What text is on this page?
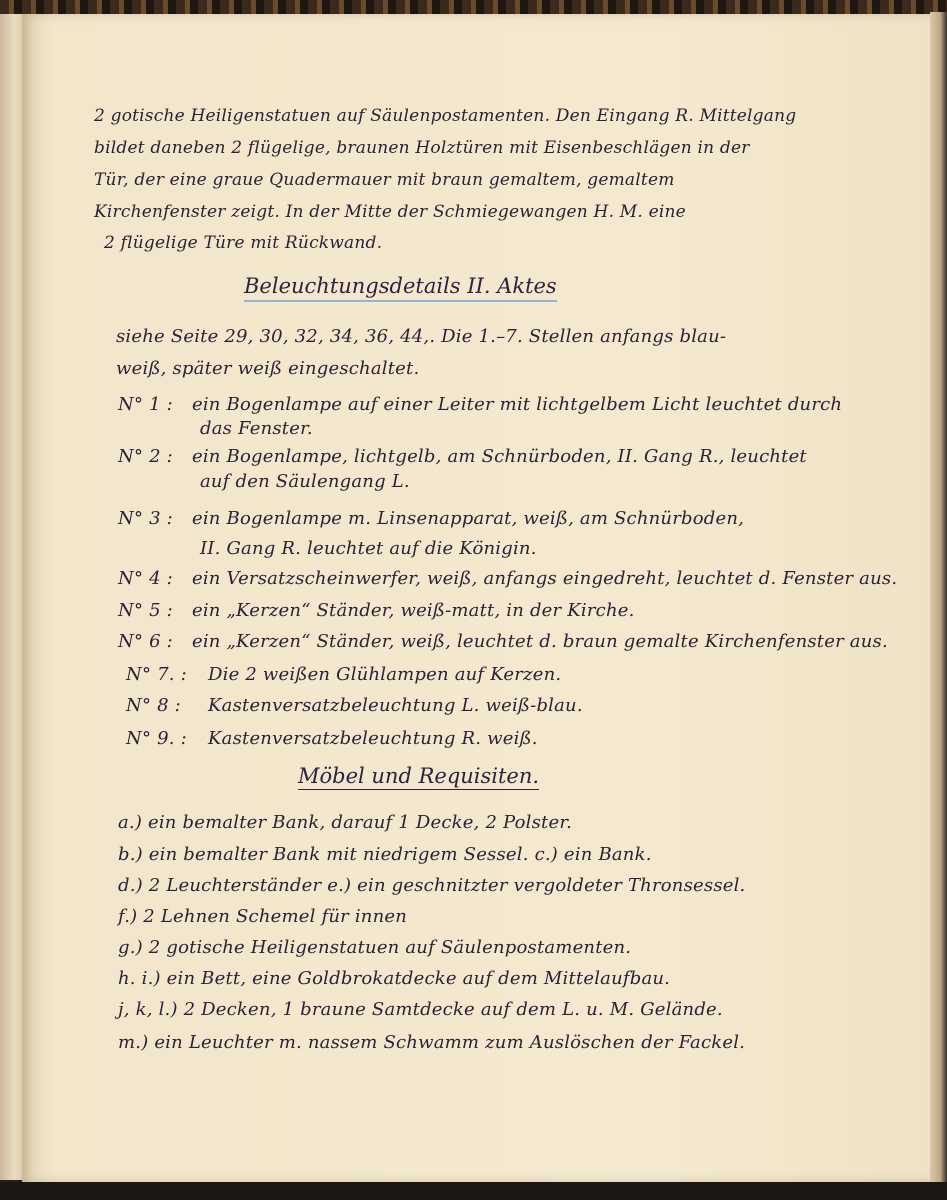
2 gotische Heiligenstatuen auf Säulenpostamenten. Den Eingang R. Mittelgang
bildet daneben 2 flügelige, braunen Holztüren mit Eisenbeschlägen in der
Tür, der eine graue Quadermauer mit braun gemaltem, gemaltem
Kirchenfenster zeigt. In der Mitte der Schmiegewangen H. M. eine
2 flügelige Türe mit Rückwand.
Beleuchtungsdetails II. Aktes
siehe Seite 29, 30, 32, 34, 36, 44,. Die 1.–7. Stellen anfangs blau-
weiß, später weiß eingeschaltet.
N° 1 : ein Bogenlampe auf einer Leiter mit lichtgelbem Licht leuchtet durch
das Fenster.
N° 2 : ein Bogenlampe, lichtgelb, am Schnürboden, II. Gang R., leuchtet
auf den Säulengang L.
N° 3 : ein Bogenlampe m. Linsenapparat, weiß, am Schnürboden,
II. Gang R. leuchtet auf die Königin.
N° 4 : ein Versatzscheinwerfer, weiß, anfangs eingedreht, leuchtet d. Fenster aus.
N° 5 : ein „Kerzen“ Ständer, weiß-matt, in der Kirche.
N° 6 : ein „Kerzen“ Ständer, weiß, leuchtet d. braun gemalte Kirchenfenster aus.
N° 7. : Die 2 weißen Glühlampen auf Kerzen.
N° 8 : Kastenversatzbeleuchtung L. weiß-blau.
N° 9. : Kastenversatzbeleuchtung R. weiß.
Möbel und Requisiten.
a.) ein bemalter Bank, darauf 1 Decke, 2 Polster.
b.) ein bemalter Bank mit niedrigem Sessel. c.) ein Bank.
d.) 2 Leuchterständer e.) ein geschnitzter vergoldeter Thronsessel.
f.) 2 Lehnen Schemel für innen
g.) 2 gotische Heiligenstatuen auf Säulenpostamenten.
h. i.) ein Bett, eine Goldbrokatdecke auf dem Mittelaufbau.
j, k, l.) 2 Decken, 1 braune Samtdecke auf dem L. u. M. Gelände.
m.) ein Leuchter m. nassem Schwamm zum Auslöschen der Fackel.
